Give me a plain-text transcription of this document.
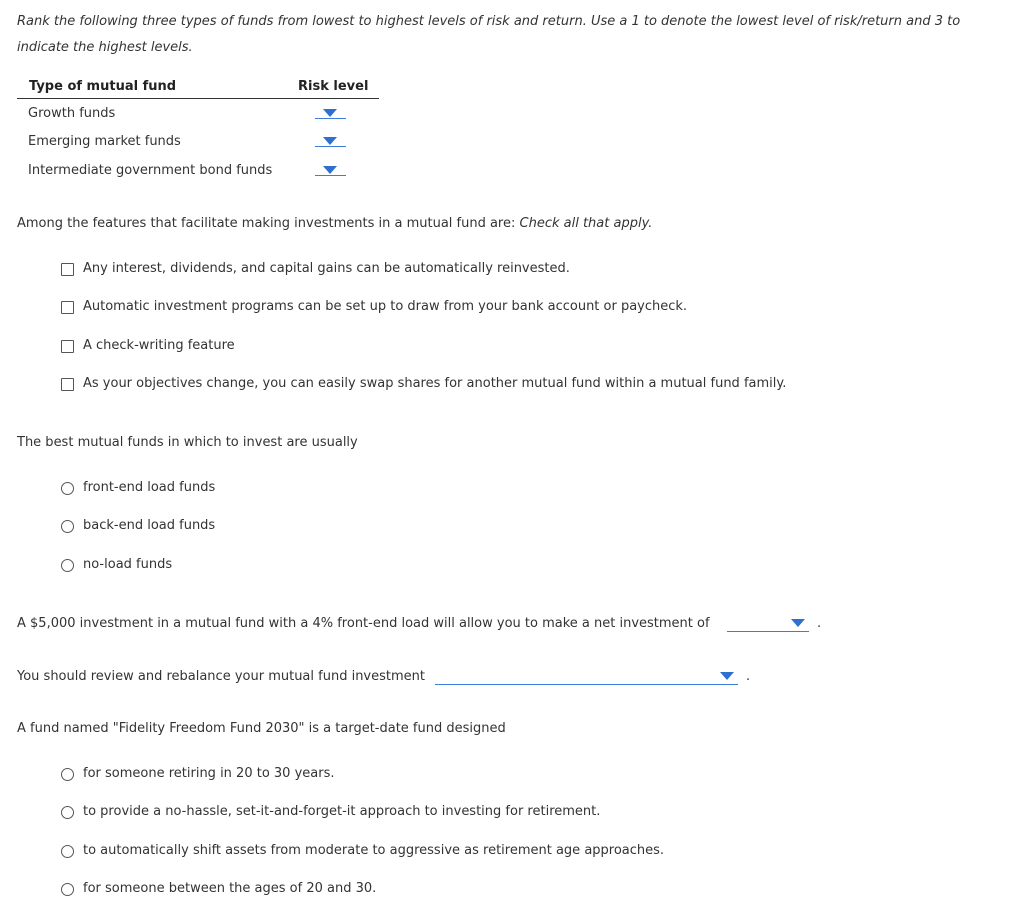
Rank the following three types of funds from lowest to highest levels of risk and return. Use a 1 to denote the lowest level of risk/return and 3 to
indicate the highest levels.
Type of mutual fund	Risk level
Growth funds
Emerging market funds
Intermediate government bond funds
Among the features that facilitate making investments in a mutual fund are: Check all that apply.
Any interest, dividends, and capital gains can be automatically reinvested.
Automatic investment programs can be set up to draw from your bank account or paycheck.
A check-writing feature
As your objectives change, you can easily swap shares for another mutual fund within a mutual fund family.
The best mutual funds in which to invest are usually
front-end load funds
back-end load funds
no-load funds
A $5,000 investment in a mutual fund with a 4% front-end load will allow you to make a net investment of	.
You should review and rebalance your mutual fund investment	.
A fund named "Fidelity Freedom Fund 2030" is a target-date fund designed
for someone retiring in 20 to 30 years.
to provide a no-hassle, set-it-and-forget-it approach to investing for retirement.
to automatically shift assets from moderate to aggressive as retirement age approaches.
for someone between the ages of 20 and 30.
